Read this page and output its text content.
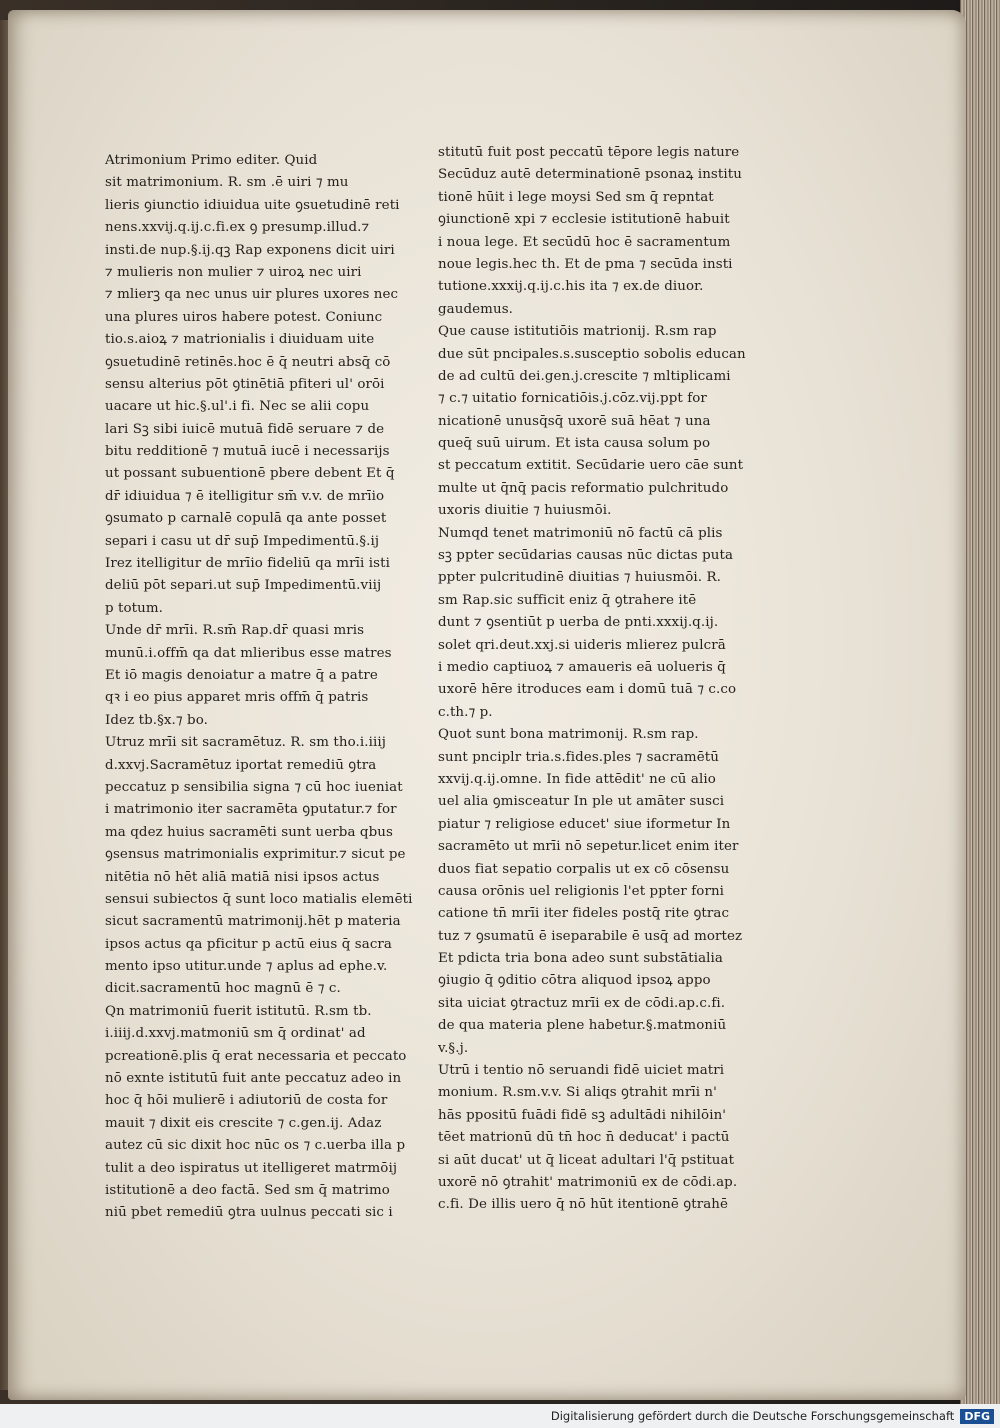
Atrimonium Primo editer. Quid
sit matrimonium. R. sm .ē uiri ⁊ mu
lieris ꝯiunctio idiuidua uite ꝯsuetudinē reti
nens.xxvij.q.ij.c.fi.ex ꝯ presump.illud.⁊
insti.de nup.§.ij.qꝫ Rap exponens dicit uiri
⁊ mulieris non mulier ⁊ uiroꝝ nec uiri
⁊ mlierꝫ qa nec unus uir plures uxores nec
una plures uiros habere potest. Coniunc
tio.s.aioꝝ ⁊ matrionialis i diuiduam uite
ꝯsuetudinē retinēs.hoc ē q̄ neutri absq̄ cō
sensu alterius pōt ꝯtinētiā pfiteri ul' orōi
uacare ut hic.§.ul'.i fi. Nec se alii copu
lari Sꝫ sibi iuicē mutuā fidē seruare ⁊ de
bitu redditionē ⁊ mutuā iucē i necessarijs
ut possant subuentionē pbere debent Et q̄
dr̄ idiuidua ⁊ ē itelligitur sm̄ v.v. de mrīio
ꝯsumato p carnalē copulā qa ante posset
separi i casu ut dr̄ sup̄ Impedimentū.§.ij
Irez itelligitur de mrīio fideliū qa mrīi isti
deliū pōt separi.ut sup̄ Impedimentū.viij
p totum.
Unde dr̄ mrīi. R.sm̄ Rap.dr̄ quasi mris
munū.i.offm̄ qa dat mlieribus esse matres
Et iō magis denoiatur a matre q̄ a patre
qꝛ i eo pius apparet mris offm̄ q̄ patris
Idez tb.§x.⁊ bo.
Utruz mrīi sit sacramētuz. R. sm tho.i.iiij
d.xxvj.Sacramētuz iportat remediū ꝯtra
peccatuz p sensibilia signa ⁊ cū hoc iueniat
i matrimonio iter sacramēta ꝯputatur.⁊ for
ma qdez huius sacramēti sunt uerba qbus
ꝯsensus matrimonialis exprimitur.⁊ sicut pe
nitētia nō hēt aliā matiā nisi ipsos actus
sensui subiectos q̄ sunt loco matialis elemēti
sicut sacramentū matrimonij.hēt p materia
ipsos actus qa pficitur p actū eius q̄ sacra
mento ipso utitur.unde ⁊ aplus ad ephe.v.
dicit.sacramentū hoc magnū ē ⁊ c.
Qn matrimoniū fuerit istitutū. R.sm tb.
i.iiij.d.xxvj.matmoniū sm q̄ ordinat' ad
pcreationē.plis q̄ erat necessaria et peccato
nō exnte istitutū fuit ante peccatuz adeo in
hoc q̄ hōi mulierē i adiutoriū de costa for
mauit ⁊ dixit eis crescite ⁊ c.gen.ij. Adaz
autez cū sic dixit hoc nūc os ⁊ c.uerba illa p
tulit a deo ispiratus ut itelligeret matrmōij
istitutionē a deo factā. Sed sm q̄ matrimo
niū pbet remediū ꝯtra uulnus peccati sic i
stitutū fuit post peccatū tēpore legis nature
Secūduz autē determinationē psonaꝝ institu
tionē hūit i lege moysi Sed sm q̄ repntat
ꝯiunctionē xpi ⁊ ecclesie istitutionē habuit
i noua lege. Et secūdū hoc ē sacramentum
noue legis.hec th. Et de pma ⁊ secūda insti
tutione.xxxij.q.ij.c.his ita ⁊ ex.de diuor.
gaudemus.
Que cause istitutiōis matrionij. R.sm rap
due sūt pncipales.s.susceptio sobolis educan
de ad cultū dei.gen.j.crescite ⁊ mltiplicami
⁊ c.⁊ uitatio fornicatiōis.j.cōz.vij.ppt for
nicationē unusq̄sq̄ uxorē suā hēat ⁊ una
queq̄ suū uirum. Et ista causa solum po
st peccatum extitit. Secūdarie uero cāe sunt
multe ut q̄nq̄ pacis reformatio pulchritudo
uxoris diuitie ⁊ huiusmōi.
Numqd tenet matrimoniū nō factū cā plis
sꝫ ppter secūdarias causas nūc dictas puta
ppter pulcritudinē diuitias ⁊ huiusmōi. R.
sm Rap.sic sufficit eniz q̄ ꝯtrahere itē
dunt ⁊ ꝯsentiūt p uerba de pnti.xxxij.q.ij.
solet qri.deut.xxj.si uideris mlierez pulcrā
i medio captiuoꝝ ⁊ amaueris eā uolueris q̄
uxorē hēre itroduces eam i domū tuā ⁊ c.co
c.th.⁊ p.
Quot sunt bona matrimonij. R.sm rap.
sunt pnciplr tria.s.fides.ples ⁊ sacramētū
xxvij.q.ij.omne. In fide attēdit' ne cū alio
uel alia ꝯmisceatur In ple ut amāter susci
piatur ⁊ religiose educet' siue iformetur In
sacramēto ut mrīi nō sepetur.licet enim iter
duos fiat sepatio corpalis ut ex cō cōsensu
causa orōnis uel religionis l'et ppter forni
catione tn̄ mrīi iter fideles postq̄ rite ꝯtrac
tuz ⁊ ꝯsumatū ē iseparabile ē usq̄ ad mortez
Et pdicta tria bona adeo sunt substātialia
ꝯiugio q̄ ꝯditio cōtra aliquod ipsoꝝ appo
sita uiciat ꝯtractuz mrīi ex de cōdi.ap.c.fi.
de qua materia plene habetur.§.matmoniū
v.§.j.
Utrū i tentio nō seruandi fidē uiciet matri
monium. R.sm.v.v. Si aliqs ꝯtrahit mrīi n'
hās ppositū fuādi fidē sꝫ adultādi nihilōin'
tēet matrionū dū tn̄ hoc n̄ deducat' i pactū
si aūt ducat' ut q̄ liceat adultari l'q̄ pstituat
uxorē nō ꝯtrahit' matrimoniū ex de cōdi.ap.
c.fi. De illis uero q̄ nō hūt itentionē ꝯtrahē
Digitalisierung gefördert durch die Deutsche Forschungsgemeinschaft DFG
